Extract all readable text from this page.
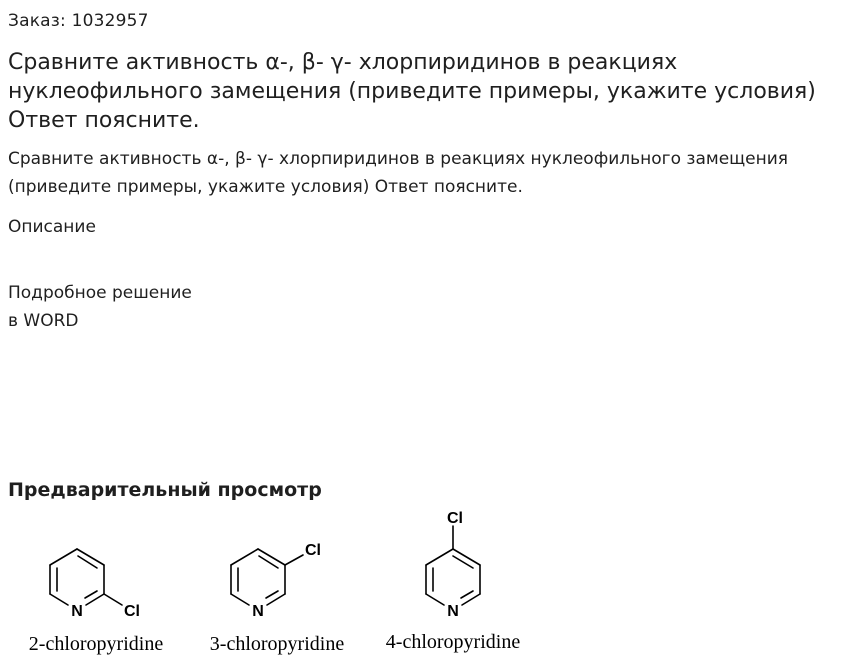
Заказ: 1032957
Сравните активность α-, β- γ- хлорпиридинов в реакциях нуклеофильного замещения (приведите примеры, укажите условия) Ответ поясните.
Сравните активность α-, β- γ- хлорпиридинов в реакциях нуклеофильного замещения (приведите примеры, укажите условия) Ответ поясните.
Описание
Подробное решение
в WORD
Предварительный просмотр
N	Cl	N
Cl
N
Cl
2-chloropyridine 3-chloropyridine 4-chloropyridine
